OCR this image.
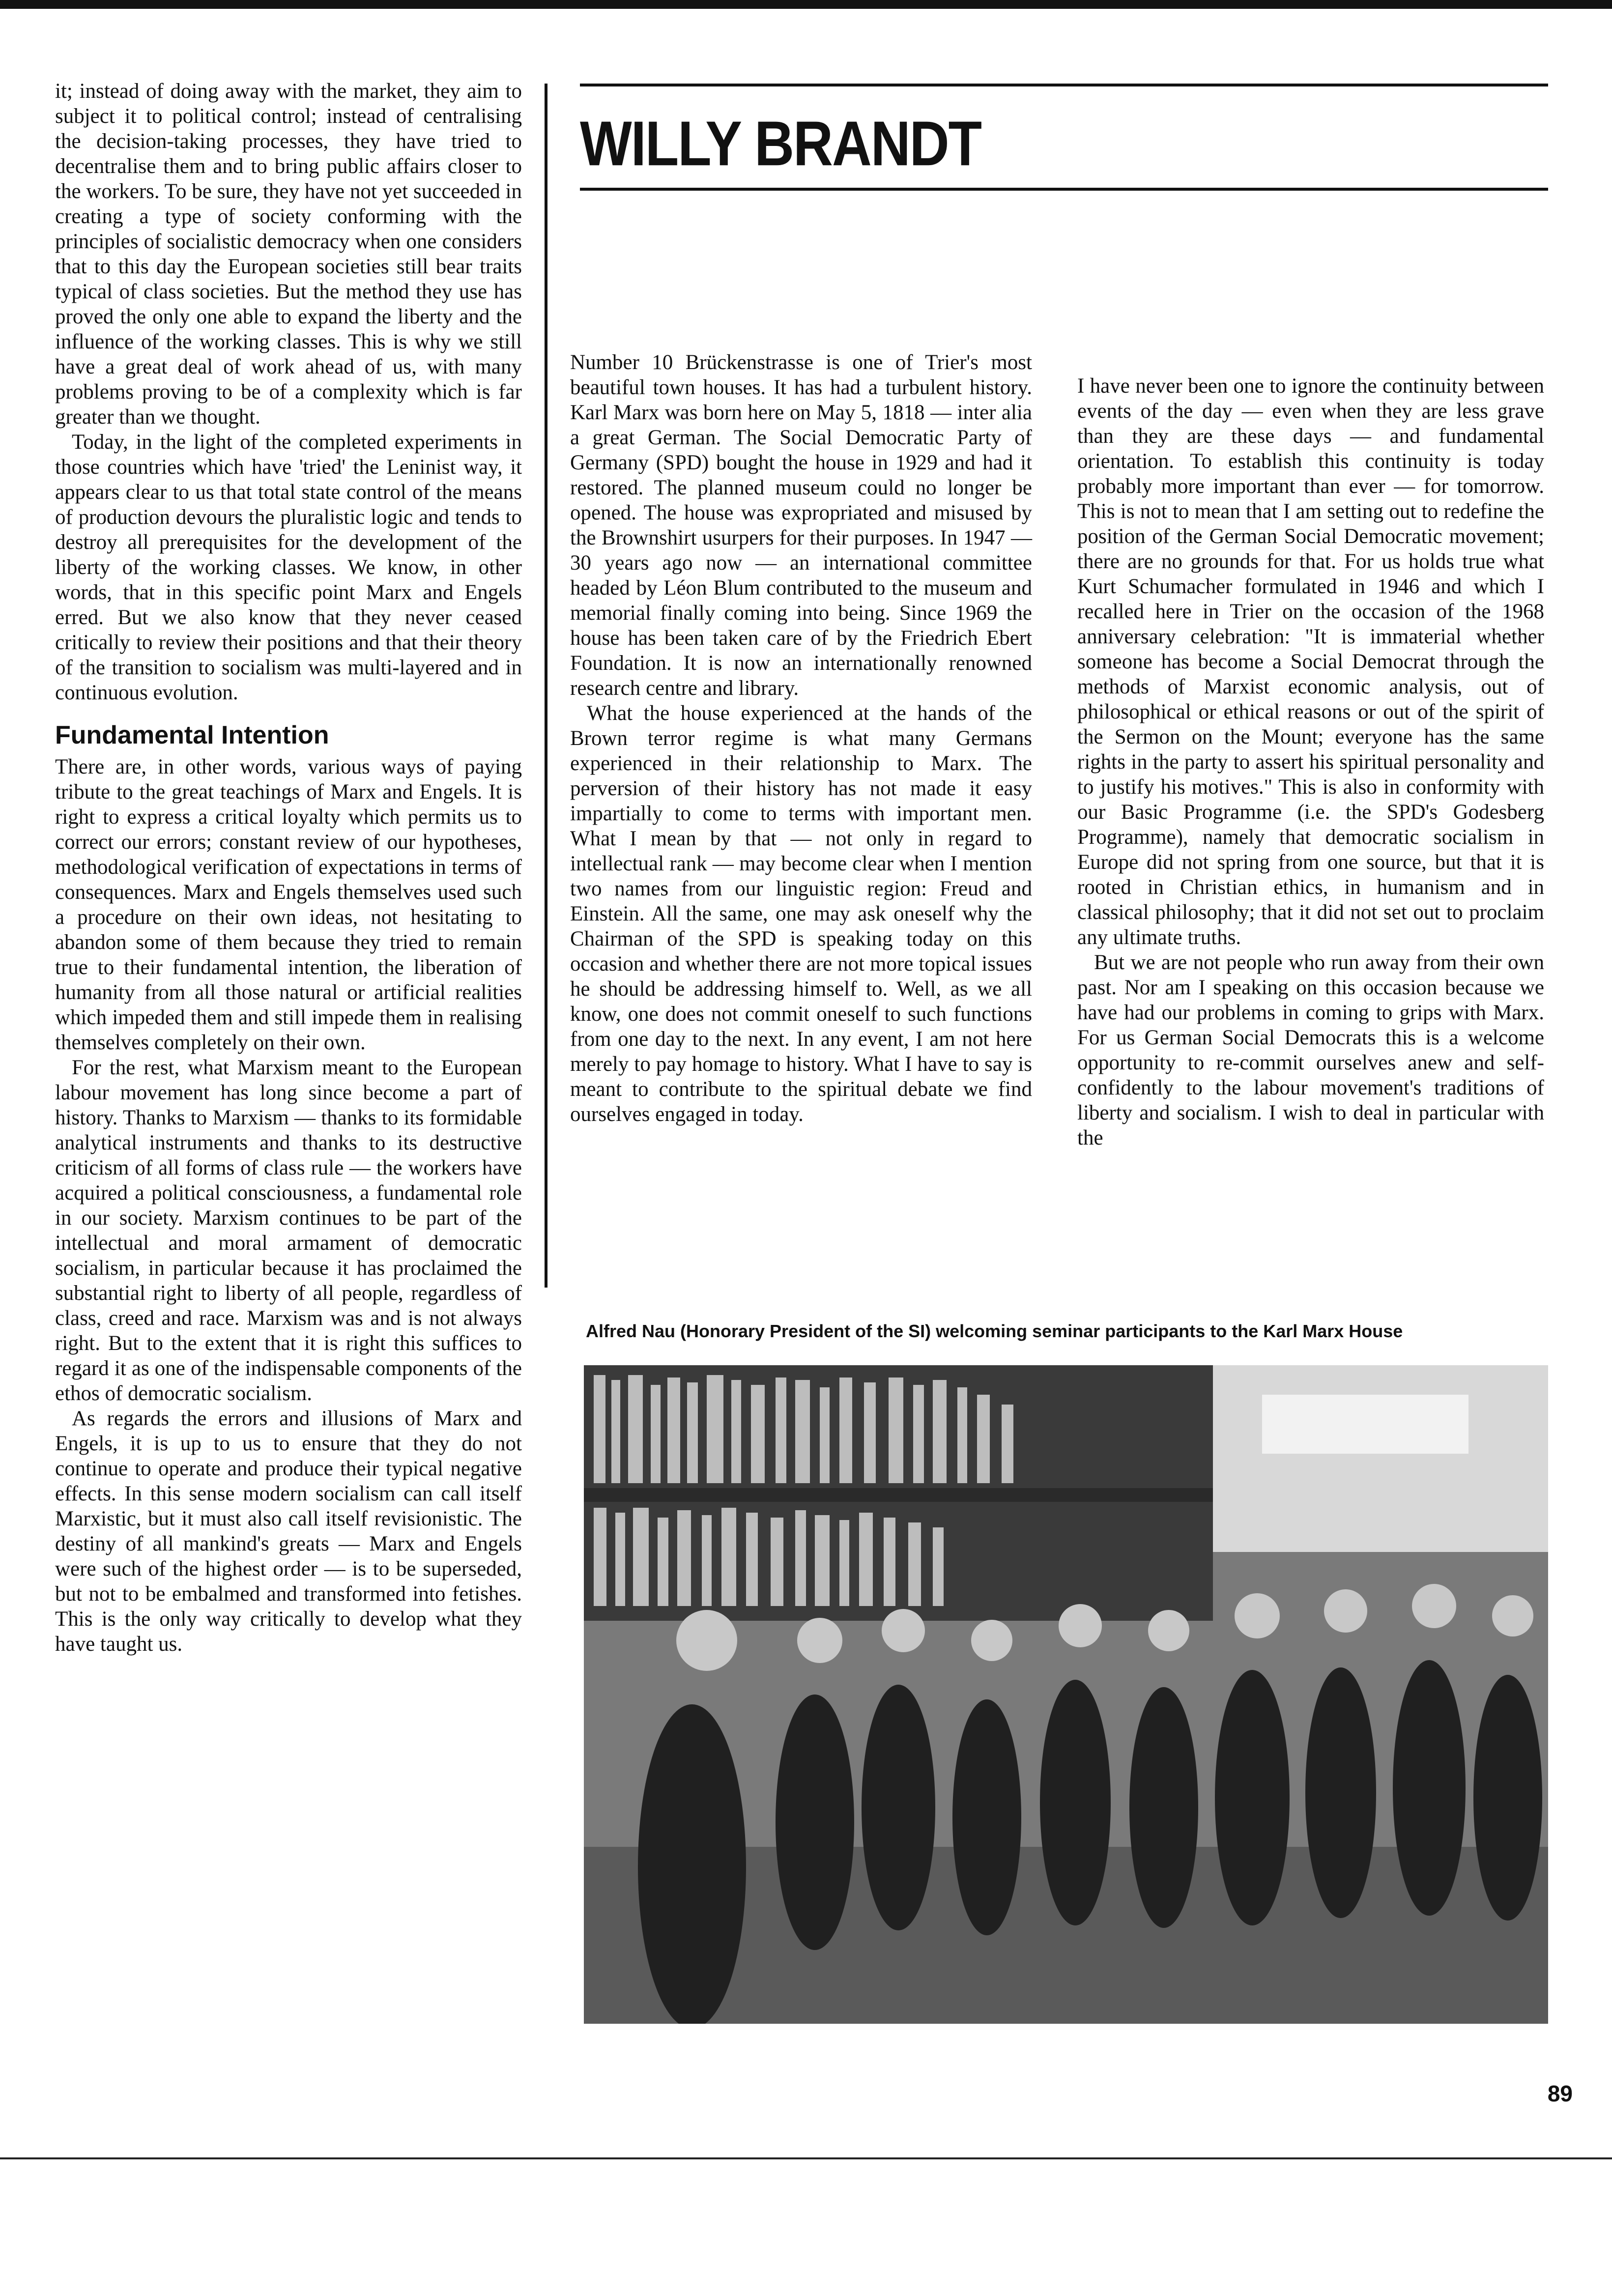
it; instead of doing away with the market, they aim to subject it to political control; instead of centralising the decision-taking processes, they have tried to decentralise them and to bring public affairs closer to the workers. To be sure, they have not yet succeeded in creating a type of society conforming with the principles of socialistic democracy when one considers that to this day the European societies still bear traits typical of class societies. But the method they use has proved the only one able to expand the liberty and the influence of the working classes. This is why we still have a great deal of work ahead of us, with many problems proving to be of a complexity which is far greater than we thought.

Today, in the light of the completed experiments in those countries which have 'tried' the Leninist way, it appears clear to us that total state control of the means of production devours the pluralistic logic and tends to destroy all prerequisites for the development of the liberty of the working classes. We know, in other words, that in this specific point Marx and Engels erred. But we also know that they never ceased critically to review their positions and that their theory of the transition to socialism was multi-layered and in continuous evolution.

Fundamental Intention

There are, in other words, various ways of paying tribute to the great teachings of Marx and Engels. It is right to express a critical loyalty which permits us to correct our errors; constant review of our hypotheses, methodological verification of expectations in terms of consequences. Marx and Engels themselves used such a procedure on their own ideas, not hesitating to abandon some of them because they tried to remain true to their fundamental intention, the liberation of humanity from all those natural or artificial realities which impeded them and still impede them in realising themselves completely on their own.

For the rest, what Marxism meant to the European labour movement has long since become a part of history. Thanks to Marxism — thanks to its formidable analytical instruments and thanks to its destructive criticism of all forms of class rule — the workers have acquired a political consciousness, a fundamental role in our society. Marxism continues to be part of the intellectual and moral armament of democratic socialism, in particular because it has proclaimed the substantial right to liberty of all people, regardless of class, creed and race. Marxism was and is not always right. But to the extent that it is right this suffices to regard it as one of the indispensable components of the ethos of democratic socialism.

As regards the errors and illusions of Marx and Engels, it is up to us to ensure that they do not continue to operate and produce their typical negative effects. In this sense modern socialism can call itself Marxistic, but it must also call itself revisionistic. The destiny of all mankind's greats — Marx and Engels were such of the highest order — is to be superseded, but not to be embalmed and transformed into fetishes. This is the only way critically to develop what they have taught us.

WILLY BRANDT

Number 10 Brückenstrasse is one of Trier's most beautiful town houses. It has had a turbulent history. Karl Marx was born here on May 5, 1818 — inter alia a great German. The Social Democratic Party of Germany (SPD) bought the house in 1929 and had it restored. The planned museum could no longer be opened. The house was expropriated and misused by the Brownshirt usurpers for their purposes. In 1947 — 30 years ago now — an international committee headed by Léon Blum contributed to the museum and memorial finally coming into being. Since 1969 the house has been taken care of by the Friedrich Ebert Foundation. It is now an internationally renowned research centre and library.

What the house experienced at the hands of the Brown terror regime is what many Germans experienced in their relationship to Marx. The perversion of their history has not made it easy impartially to come to terms with important men. What I mean by that — not only in regard to intellectual rank — may become clear when I mention two names from our linguistic region: Freud and Einstein. All the same, one may ask oneself why the Chairman of the SPD is speaking today on this occasion and whether there are not more topical issues he should be addressing himself to. Well, as we all know, one does not commit oneself to such functions from one day to the next. In any event, I am not here merely to pay homage to history. What I have to say is meant to contribute to the spiritual debate we find ourselves engaged in today.

I have never been one to ignore the continuity between events of the day — even when they are less grave than they are these days — and fundamental orientation. To establish this continuity is today probably more important than ever — for tomorrow. This is not to mean that I am setting out to redefine the position of the German Social Democratic movement; there are no grounds for that. For us holds true what Kurt Schumacher formulated in 1946 and which I recalled here in Trier on the occasion of the 1968 anniversary celebration: "It is immaterial whether someone has become a Social Democrat through the methods of Marxist economic analysis, out of philosophical or ethical reasons or out of the spirit of the Sermon on the Mount; everyone has the same rights in the party to assert his spiritual personality and to justify his motives." This is also in conformity with our Basic Programme (i.e. the SPD's Godesberg Programme), namely that democratic socialism in Europe did not spring from one source, but that it is rooted in Christian ethics, in humanism and in classical philosophy; that it did not set out to proclaim any ultimate truths.

But we are not people who run away from their own past. Nor am I speaking on this occasion because we have had our problems in coming to grips with Marx. For us German Social Democrats this is a welcome opportunity to re-commit ourselves anew and self-confidently to the labour movement's traditions of liberty and socialism. I wish to deal in particular with the

Alfred Nau (Honorary President of the SI) welcoming seminar participants to the Karl Marx House
89
